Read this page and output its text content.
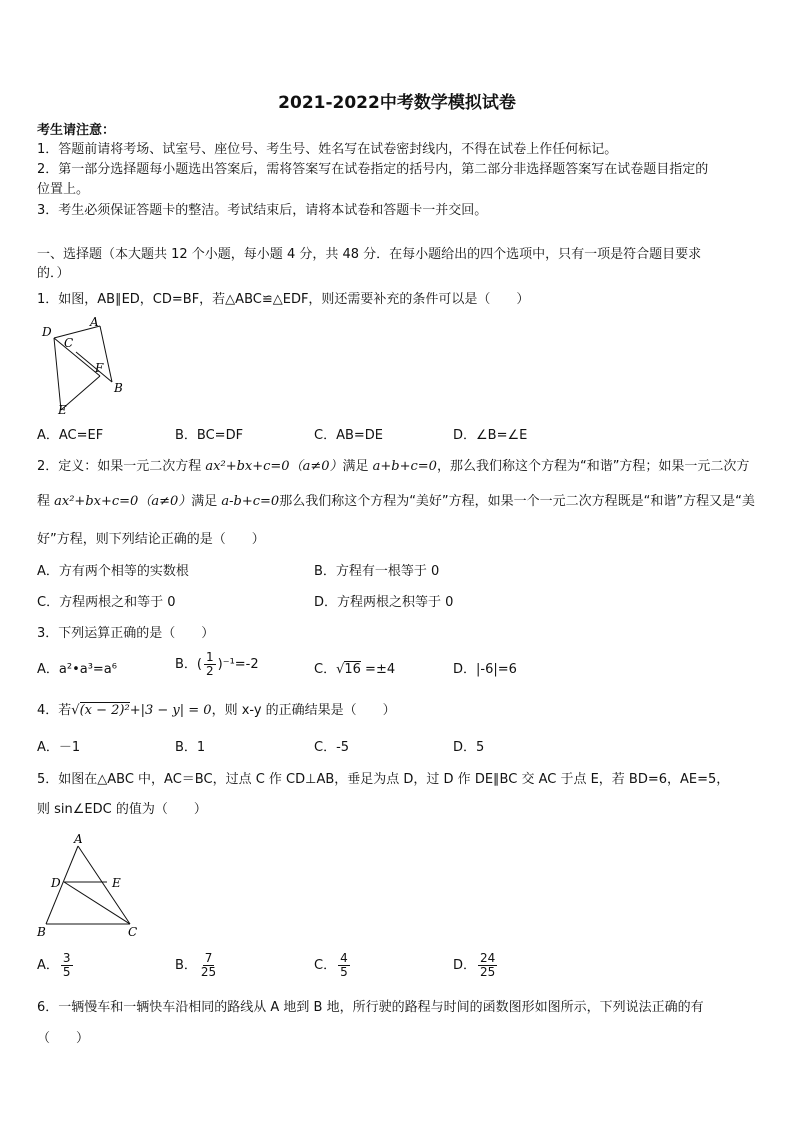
2021-2022中考数学模拟试卷
考生请注意：
1．答题前请将考场、试室号、座位号、考生号、姓名写在试卷密封线内，不得在试卷上作任何标记。
2．第一部分选择题每小题选出答案后，需将答案写在试卷指定的括号内，第二部分非选择题答案写在试卷题目指定的
位置上。
3．考生必须保证答题卡的整洁。考试结束后，请将本试卷和答题卡一并交回。
一、选择题（本大题共 12 个小题，每小题 4 分，共 48 分．在每小题给出的四个选项中，只有一项是符合题目要求
的．）
1．如图，AB∥ED，CD=BF，若△ABC≌△EDF，则还需要补充的条件可以是（　　）
D
A
C
F
B
E
A．AC=EF	B．BC=DF	C．AB=DE	D．∠B=∠E
2．定义：如果一元二次方程 ax²+bx+c=0（a≠0）满足 a+b+c=0，那么我们称这个方程为“和谐”方程；如果一元二次方
程 ax²+bx+c=0（a≠0）满足 a-b+c=0那么我们称这个方程为“美好”方程，如果一个一元二次方程既是“和谐”方程又是“美
好”方程，则下列结论正确的是（　　）
A．方有两个相等的实数根	B．方程有一根等于 0
C．方程两根之和等于 0	D．方程两根之积等于 0
3．下列运算正确的是（　　）
A．a²•a³=a⁶	B．( $\frac{1}{2} )^{-1}=-2$	C．√16 =±4	D．|-6|=6
4．若√(x − 2)²+|3 − y| = 0，则 x-y 的正确结果是（　　）
A．－1	B．1	C．-5	D．5
5．如图在△ABC 中，AC＝BC，过点 C 作 CD⊥AB，垂足为点 D，过 D 作 DE∥BC 交 AC 于点 E，若 BD=6，AE=5，
则 sin∠EDC 的值为（　　）
A
D	E
B	C
A． $\frac{3}{5}$	B． $\frac{7}{25}$	C． $\frac{4}{5}$	D． $\frac{24}{25}$
6．一辆慢车和一辆快车沿相同的路线从 A 地到 B 地，所行驶的路程与时间的函数图形如图所示，下列说法正确的有
（　　）
